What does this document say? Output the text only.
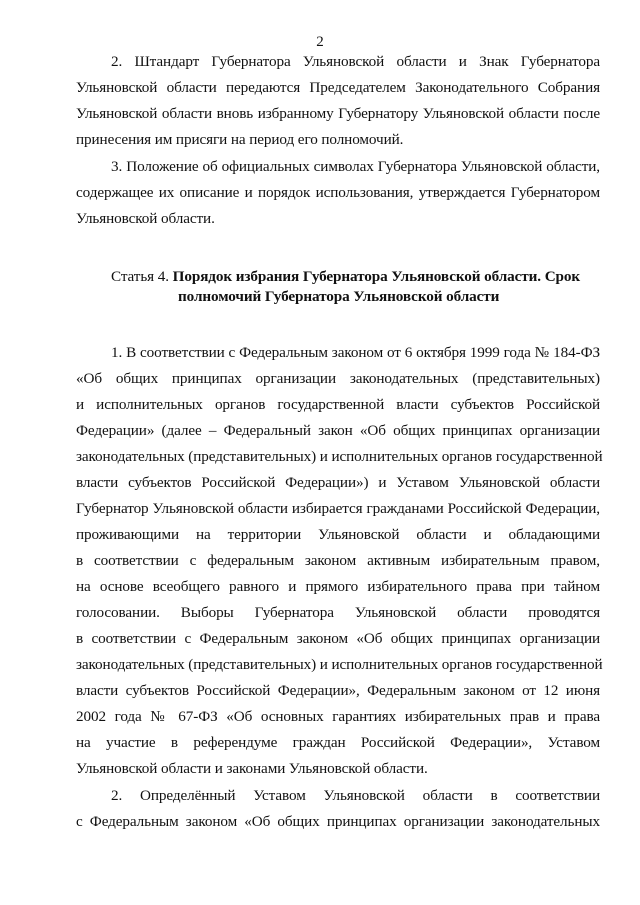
2
2. Штандарт Губернатора Ульяновской области и Знак Губернатора
Ульяновской области передаются Председателем Законодательного Собрания
Ульяновской области вновь избранному Губернатору Ульяновской области после
принесения им присяги на период его полномочий.
3. Положение об официальных символах Губернатора Ульяновской области,
содержащее их описание и порядок использования, утверждается Губернатором
Ульяновской области.
Статья 4. Порядок избрания Губернатора Ульяновской области. Срок
полномочий Губернатора Ульяновской области
1. В соответствии с Федеральным законом от 6 октября 1999 года № 184-ФЗ
«Об общих принципах организации законодательных (представительных)
и исполнительных органов государственной власти субъектов Российской
Федерации» (далее – Федеральный закон «Об общих принципах организации
законодательных (представительных) и исполнительных органов государственной
власти субъектов Российской Федерации») и Уставом Ульяновской области
Губернатор Ульяновской области избирается гражданами Российской Федерации,
проживающими на территории Ульяновской области и обладающими
в соответствии с федеральным законом активным избирательным правом,
на основе всеобщего равного и прямого избирательного права при тайном
голосовании. Выборы Губернатора Ульяновской области проводятся
в соответствии с Федеральным законом «Об общих принципах организации
законодательных (представительных) и исполнительных органов государственной
власти субъектов Российской Федерации», Федеральным законом от 12 июня
2002 года № 67-ФЗ «Об основных гарантиях избирательных прав и права
на участие в референдуме граждан Российской Федерации», Уставом
Ульяновской области и законами Ульяновской области.
2. Определённый Уставом Ульяновской области в соответствии
с Федеральным законом «Об общих принципах организации законодательных
